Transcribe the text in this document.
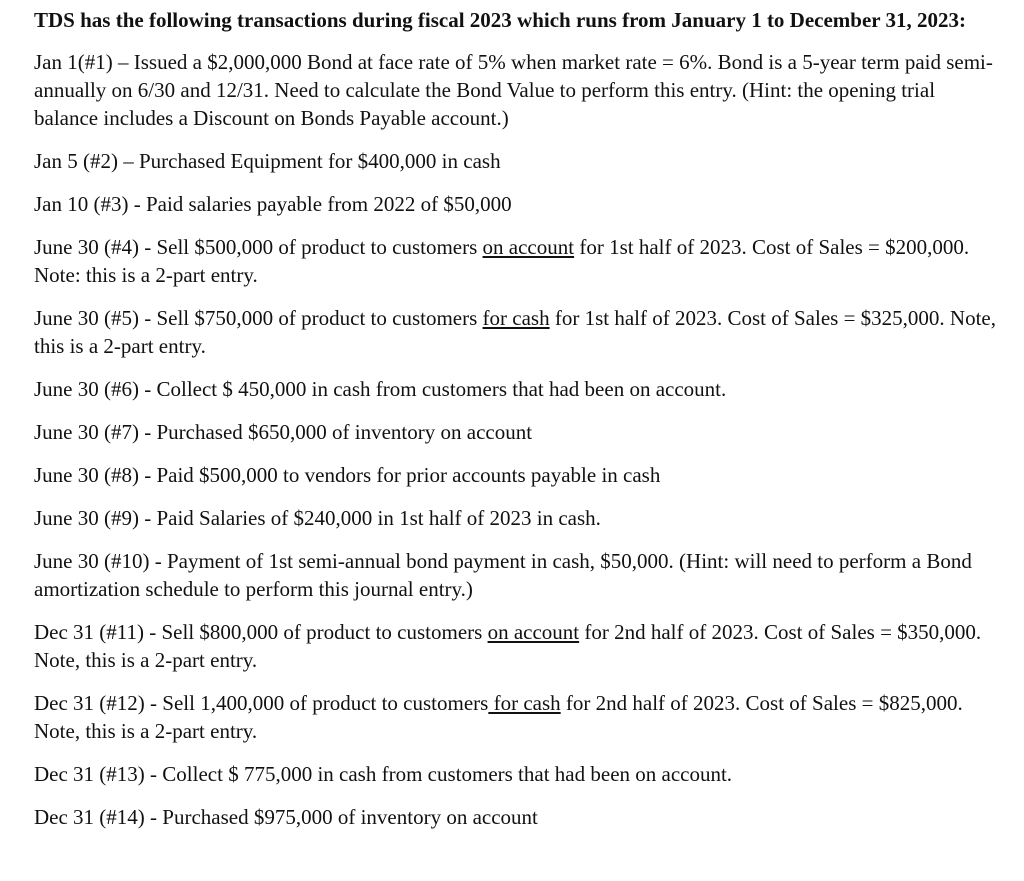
TDS has the following transactions during fiscal 2023 which runs from January 1 to December 31, 2023:
Jan 1(#1) – Issued a $2,000,000 Bond at face rate of 5% when market rate = 6%. Bond is a 5-year term paid semi-annually on 6/30 and 12/31. Need to calculate the Bond Value to perform this entry. (Hint: the opening trial balance includes a Discount on Bonds Payable account.)
Jan 5 (#2) – Purchased Equipment for $400,000 in cash
Jan 10 (#3) - Paid salaries payable from 2022 of $50,000
June 30 (#4) - Sell $500,000 of product to customers on account for 1st half of 2023. Cost of Sales = $200,000. Note: this is a 2-part entry.
June 30 (#5) - Sell $750,000 of product to customers for cash for 1st half of 2023. Cost of Sales = $325,000. Note, this is a 2-part entry.
June 30 (#6) - Collect $ 450,000 in cash from customers that had been on account.
June 30 (#7) - Purchased $650,000 of inventory on account
June 30 (#8) - Paid $500,000 to vendors for prior accounts payable in cash
June 30 (#9) - Paid Salaries of $240,000 in 1st half of 2023 in cash.
June 30 (#10) - Payment of 1st semi-annual bond payment in cash, $50,000. (Hint: will need to perform a Bond amortization schedule to perform this journal entry.)
Dec 31 (#11) - Sell $800,000 of product to customers on account for 2nd half of 2023. Cost of Sales = $350,000. Note, this is a 2-part entry.
Dec 31 (#12) - Sell 1,400,000 of product to customers for cash for 2nd half of 2023. Cost of Sales = $825,000. Note, this is a 2-part entry.
Dec 31 (#13) - Collect $ 775,000 in cash from customers that had been on account.
Dec 31 (#14) - Purchased $975,000 of inventory on account
